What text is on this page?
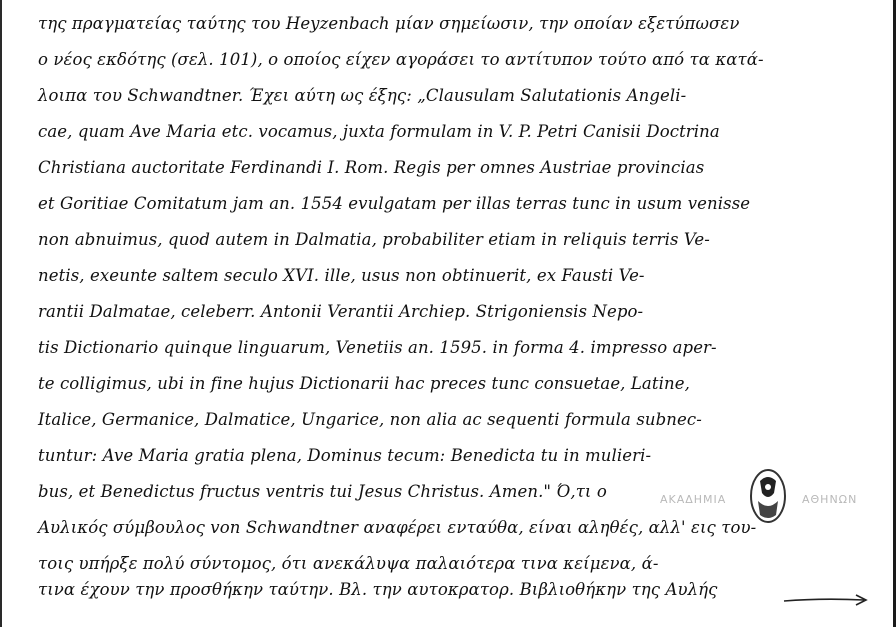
της πραγματείας ταύτης του Heyzenbach μίαν σημείωσιν, την οποίαν εξετύπωσεν
ο νέος εκδότης (σελ. 101), ο οποίος είχεν αγοράσει το αντίτυπον τούτο από τα κατά-
λοιπα του Schwandtner. Έχει αύτη ως έξης: „Clausulam Salutationis Angeli-
cae, quam Ave Maria etc. vocamus, juxta formulam in V. P. Petri Canisii Doctrina
Christiana auctoritate Ferdinandi I. Rom. Regis per omnes Austriae provincias
et Goritiae Comitatum jam an. 1554 evulgatam per illas terras tunc in usum venisse
non abnuimus, quod autem in Dalmatia, probabiliter etiam in reliquis terris Ve-
netis, exeunte saltem seculo XVI. ille, usus non obtinuerit, ex Fausti Ve-
rantii Dalmatae, celeberr. Antonii Verantii Archiep. Strigoniensis Nepo-
tis Dictionario quinque linguarum, Venetiis an. 1595. in forma 4. impresso aper-
te colligimus, ubi in fine hujus Dictionarii hac preces tunc consuetae, Latine,
Italice, Germanice, Dalmatice, Ungarice, non alia ac sequenti formula subnec-
tuntur: Ave Maria gratia plena, Dominus tecum: Benedicta tu in mulieri-
bus, et Benedictus fructus ventris tui Jesus Christus. Amen." Ό,τι ο
Αυλικός σύμβουλος von Schwandtner αναφέρει ενταύθα, είναι αληθές, αλλ' εις του-
τοις υπήρξε πολύ σύντομος, ότι ανεκάλυψα παλαιότερα τινα κείμενα, ά-
τινα έχουν την προσθήκην ταύτην. Βλ. την αυτοκρατορ. Βιβλιοθήκην της Αυλής
ΑΚΑΔΗΜΙΑ	ΑΘΗΝΩΝ
